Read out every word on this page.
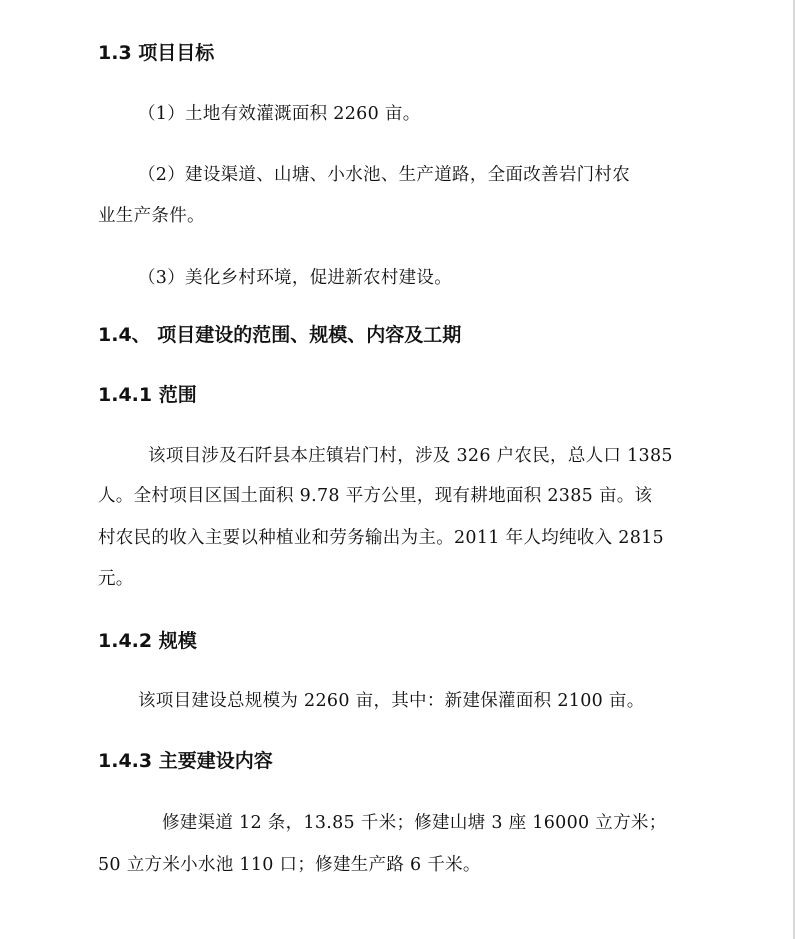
1.3 项目目标

（1）土地有效灌溉面积 2260 亩。

（2）建设渠道、山塘、小水池、生产道路，全面改善岩门村农

业生产条件。

（3）美化乡村环境，促进新农村建设。

1.4、 项目建设的范围、规模、内容及工期
1.4.1 范围

该项目涉及石阡县本庄镇岩门村，涉及 326 户农民，总人口 1385

人。全村项目区国土面积 9.78 平方公里，现有耕地面积 2385 亩。该

村农民的收入主要以种植业和劳务输出为主。2011 年人均纯收入 2815

元。

1.4.2 规模

该项目建设总规模为 2260 亩，其中：新建保灌面积 2100 亩。

1.4.3 主要建设内容

修建渠道 12 条，13.85 千米；修建山塘 3 座 16000 立方米；

50 立方米小水池 110 口；修建生产路 6 千米。
